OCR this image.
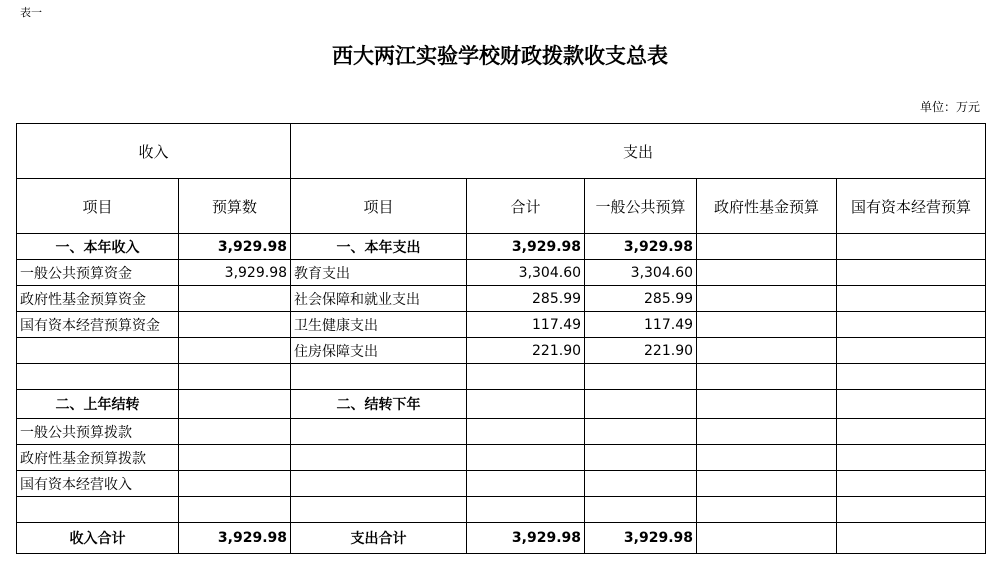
表一
西大两江实验学校财政拨款收支总表
单位：万元
收入		支出				
项目	预算数	项目	合计	一般公共预算	政府性基金预算	国有资本经营预算
一、本年收入	3,929.98	一、本年支出	3,929.98	3,929.98		
一般公共预算资金	3,929.98	教育支出	3,304.60	3,304.60		
政府性基金预算资金		社会保障和就业支出	285.99	285.99		
国有资本经营预算资金		卫生健康支出	117.49	117.49		
		住房保障支出	221.90	221.90		

二、上年结转		二、结转下年				
一般公共预算拨款						
政府性基金预算拨款						
国有资本经营收入						

收入合计	3,929.98	支出合计	3,929.98	3,929.98		
